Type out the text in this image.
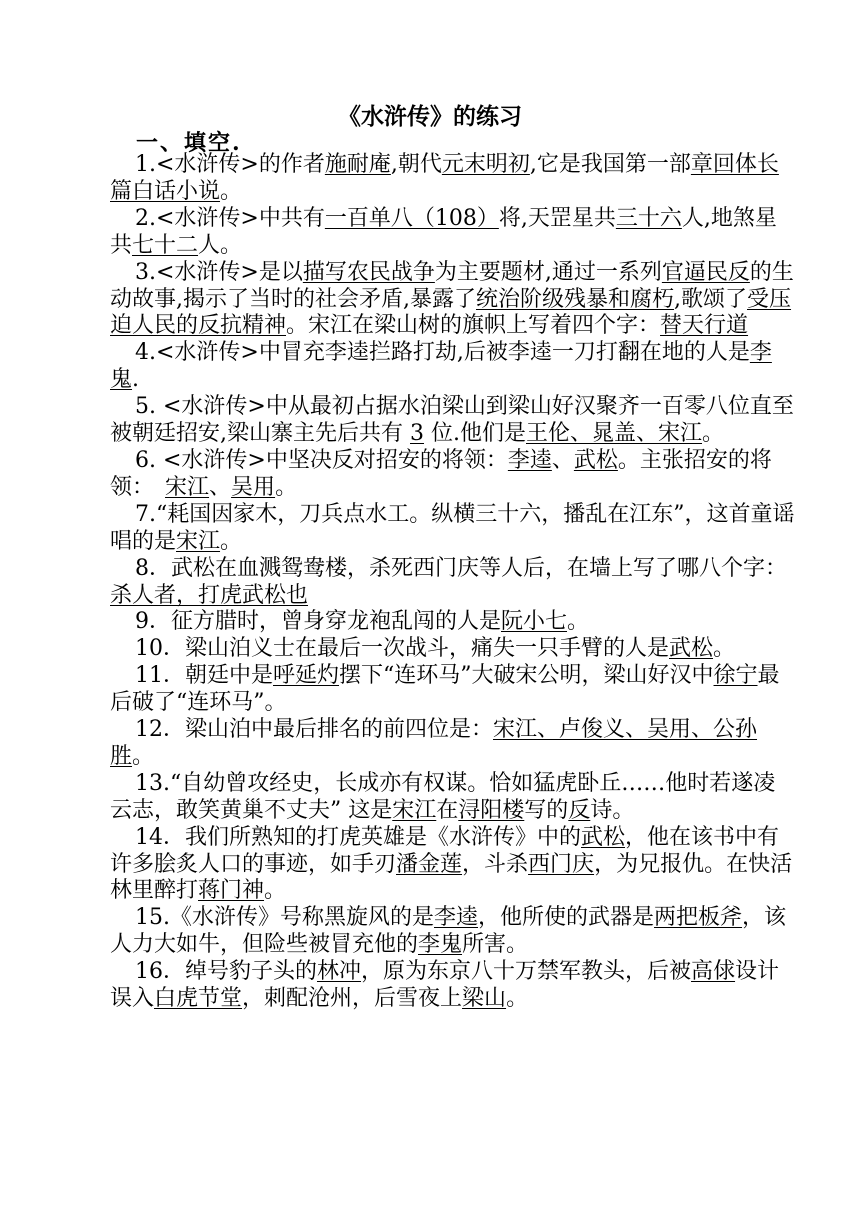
《水浒传》的练习
一、填空.

1.<水浒传>的作者施耐庵,朝代元末明初,它是我国第一部章回体长篇白话小说。

2.<水浒传>中共有一百单八（108）将,天罡星共三十六人,地煞星共七十二人。

3.<水浒传>是以描写农民战争为主要题材,通过一系列官逼民反的生动故事,揭示了当时的社会矛盾,暴露了统治阶级残暴和腐朽,歌颂了受压迫人民的反抗精神。宋江在梁山树的旗帜上写着四个字：替天行道

4.<水浒传>中冒充李逵拦路打劫,后被李逵一刀打翻在地的人是李鬼.

5. <水浒传>中从最初占据水泊梁山到梁山好汉聚齐一百零八位直至被朝廷招安,梁山寨主先后共有 3 位.他们是王伦、晁盖、宋江。

6. <水浒传>中坚决反对招安的将领：李逵、武松。主张招安的将领：　宋江、吴用。

7.“耗国因家木，刀兵点水工。纵横三十六，播乱在江东”，这首童谣唱的是宋江。

8．武松在血溅鸳鸯楼，杀死西门庆等人后，在墙上写了哪八个字：杀人者，打虎武松也

9．征方腊时，曾身穿龙袍乱闯的人是阮小七。

10．梁山泊义士在最后一次战斗，痛失一只手臂的人是武松。

11．朝廷中是呼延灼摆下“连环马”大破宋公明，梁山好汉中徐宁最后破了“连环马”。

12．梁山泊中最后排名的前四位是：宋江、卢俊义、吴用、公孙胜。

13.“自幼曾攻经史，长成亦有权谋。恰如猛虎卧丘……他时若遂凌云志，敢笑黄巢不丈夫” 这是宋江在浔阳楼写的反诗。

14．我们所熟知的打虎英雄是《水浒传》中的武松，他在该书中有许多脍炙人口的事迹，如手刃潘金莲，斗杀西门庆，为兄报仇。在快活林里醉打蒋门神。

15.《水浒传》号称黑旋风的是李逵，他所使的武器是两把板斧，该人力大如牛，但险些被冒充他的李鬼所害。

16．绰号豹子头的林冲，原为东京八十万禁军教头，后被高俅设计误入白虎节堂，刺配沧州，后雪夜上梁山。
